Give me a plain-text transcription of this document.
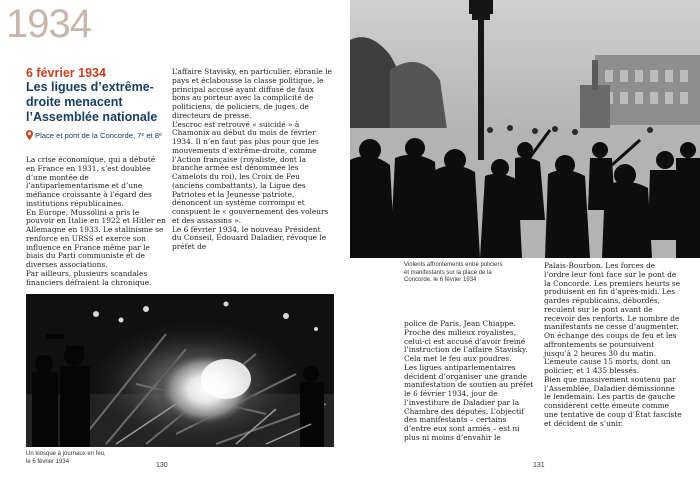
1934
6 février 1934
Les ligues d’extrême-droite menacent l’Assemblée nationale
Place et pont de la Concorde, 7ᵉ et 8ᵉ
La crise économique, qui a débuté en France en 1931, s’est doublée d’une montée de l’antiparlementarisme et d’une méfiance croissante à l’égard des institutions républicaines.
En Europe, Mussolini a pris le pouvoir en Italie en 1922 et Hitler en Allemagne en 1933. Le stalinisme se renforce en URSS et exerce son influence en France même par le biais du Parti communiste et de diverses associations.
Par ailleurs, plusieurs scandales financiers défraient la chronique.
L’affaire Stavisky, en particulier, ébranle le pays et éclabousse la classe politique, le principal accusé ayant diffusé de faux bons au porteur avec la complicité de politiciens, de policiers, de juges, de directeurs de presse.
L’escroc est retrouvé « suicidé » à Chamonix au début du mois de février 1934. Il n’en faut pas plus pour que les mouvements d’extrême-droite, comme l’Action française (royaliste, dont la branche armée est dénommée les Camelots du roi), les Croix de Feu (anciens combattants), la Ligue des Patriotes et la Jeunesse patriote, dénoncent un système corrompu et conspuent le « gouvernement des voleurs et des assassins ».
Le 6 février 1934, le nouveau Président du Conseil, Édouard Daladier, révoque le préfet de
police de Paris, Jean Chiappe. Proche des milieux royalistes, celui-ci est accusé d’avoir freiné l’instruction de l’affaire Stavisky. Cela met le feu aux poudres.
Les ligues antiparlementaires décident d’organiser une grande manifestation de soutien au préfet le 6 février 1934, jour de l’investiture de Daladier par la Chambre des députés. L’objectif des manifestants – certains d’entre eux sont armés – est ni plus ni moins d’envahir le
Palais-Bourbon. Les forces de l’ordre leur font face sur le pont de la Concorde. Les premiers heurts se produisent en fin d’après-midi. Les gardes républicains, débordés, reculent sur le pont avant de recevoir des renforts. Le nombre de manifestants ne cesse d’augmenter. On échange des coups de feu et les affrontements se poursuivent jusqu’à 2 heures 30 du matin. L’émeute cause 15 morts, dont un policier, et 1 435 blessés.
Bien que massivement soutenu par l’Assemblée, Daladier démissionne le lendemain. Les partis de gauche considèrent cette émeute comme une tentative de coup d’État fasciste et décident de s’unir.
Un kiosque à journaux en feu,
le 6 février 1934
Violents affrontements entre policiers
et manifestants sur la place de la
Concorde, le 6 février 1934
130	131
